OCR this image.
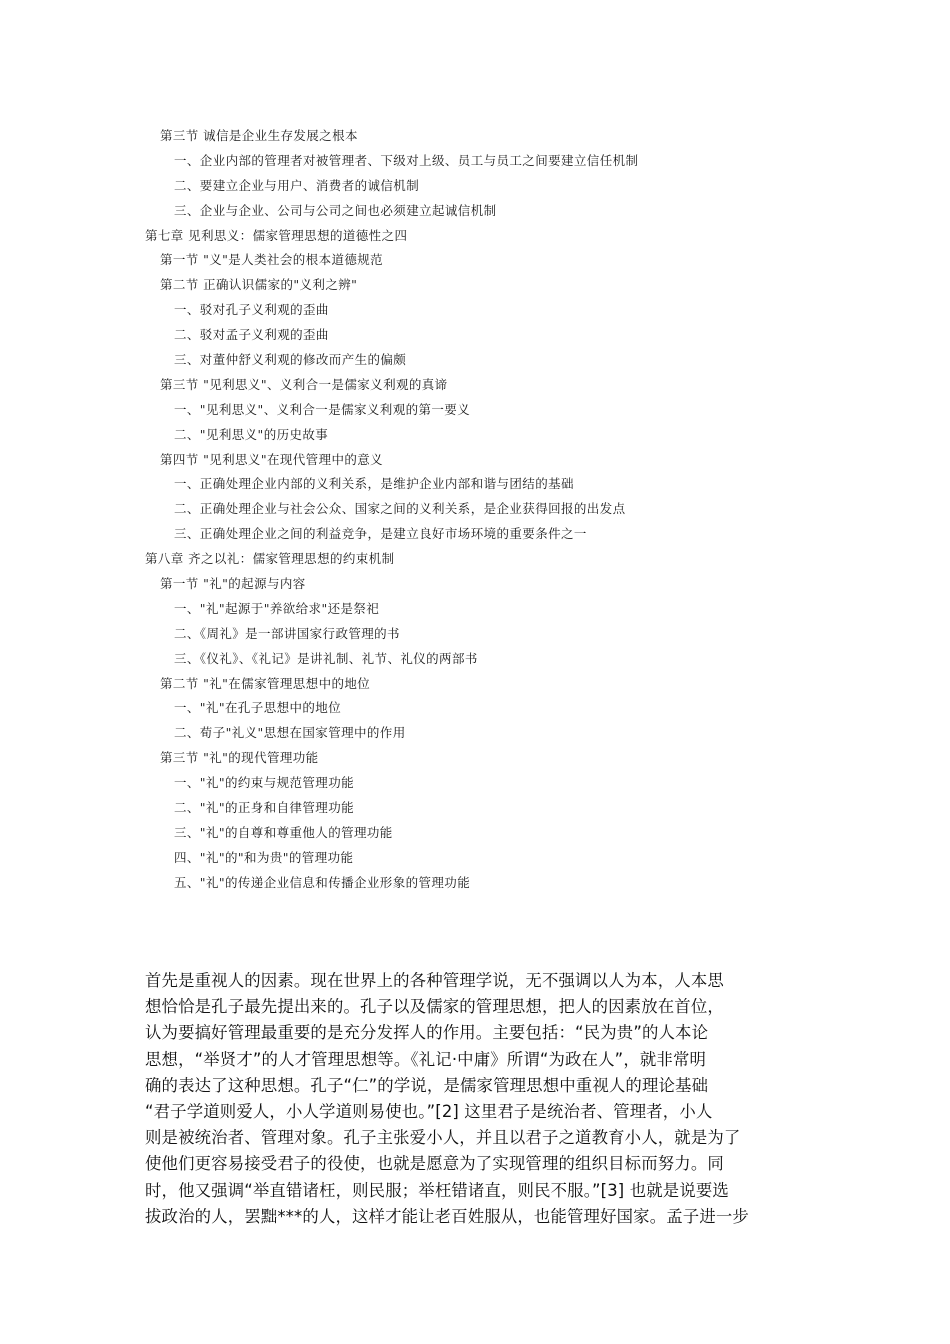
第三节 诚信是企业生存发展之根本
一、企业内部的管理者对被管理者、下级对上级、员工与员工之间要建立信任机制
二、要建立企业与用户、消费者的诚信机制
三、企业与企业、公司与公司之间也必须建立起诚信机制
第七章 见利思义：儒家管理思想的道德性之四
第一节 "义"是人类社会的根本道德规范
第二节 正确认识儒家的"义利之辨"
一、驳对孔子义利观的歪曲
二、驳对孟子义利观的歪曲
三、对董仲舒义利观的修改而产生的偏颇
第三节 "见利思义"、义利合一是儒家义利观的真谛
一、"见利思义"、义利合一是儒家义利观的第一要义
二、"见利思义"的历史故事
第四节 "见利思义"在现代管理中的意义
一、正确处理企业内部的义利关系，是维护企业内部和谐与团结的基础
二、正确处理企业与社会公众、国家之间的义利关系，是企业获得回报的出发点
三、正确处理企业之间的利益竞争，是建立良好市场环境的重要条件之一
第八章 齐之以礼：儒家管理思想的约束机制
第一节 "礼"的起源与内容
一、"礼"起源于"养欲给求"还是祭祀
二、《周礼》是一部讲国家行政管理的书
三、《仪礼》、《礼记》是讲礼制、礼节、礼仪的两部书
第二节 "礼"在儒家管理思想中的地位
一、"礼"在孔子思想中的地位
二、荀子"礼义"思想在国家管理中的作用
第三节 "礼"的现代管理功能
一、"礼"的约束与规范管理功能
二、"礼"的正身和自律管理功能
三、"礼"的自尊和尊重他人的管理功能
四、"礼"的"和为贵"的管理功能
五、"礼"的传递企业信息和传播企业形象的管理功能
首先是重视人的因素。现在世界上的各种管理学说，无不强调以人为本，人本思
想恰恰是孔子最先提出来的。孔子以及儒家的管理思想，把人的因素放在首位，
认为要搞好管理最重要的是充分发挥人的作用。主要包括：“民为贵”的人本论
思想，“举贤才”的人才管理思想等。《礼记·中庸》所谓“为政在人”，就非常明
确的表达了这种思想。孔子“仁”的学说，是儒家管理思想中重视人的理论基础
“君子学道则爱人，小人学道则易使也。”[2] 这里君子是统治者、管理者，小人
则是被统治者、管理对象。孔子主张爱小人，并且以君子之道教育小人，就是为了
使他们更容易接受君子的役使，也就是愿意为了实现管理的组织目标而努力。同
时，他又强调“举直错诸枉，则民服；举枉错诸直，则民不服。”[3] 也就是说要选
拔政治的人，罢黜***的人，这样才能让老百姓服从，也能管理好国家。孟子进一步
